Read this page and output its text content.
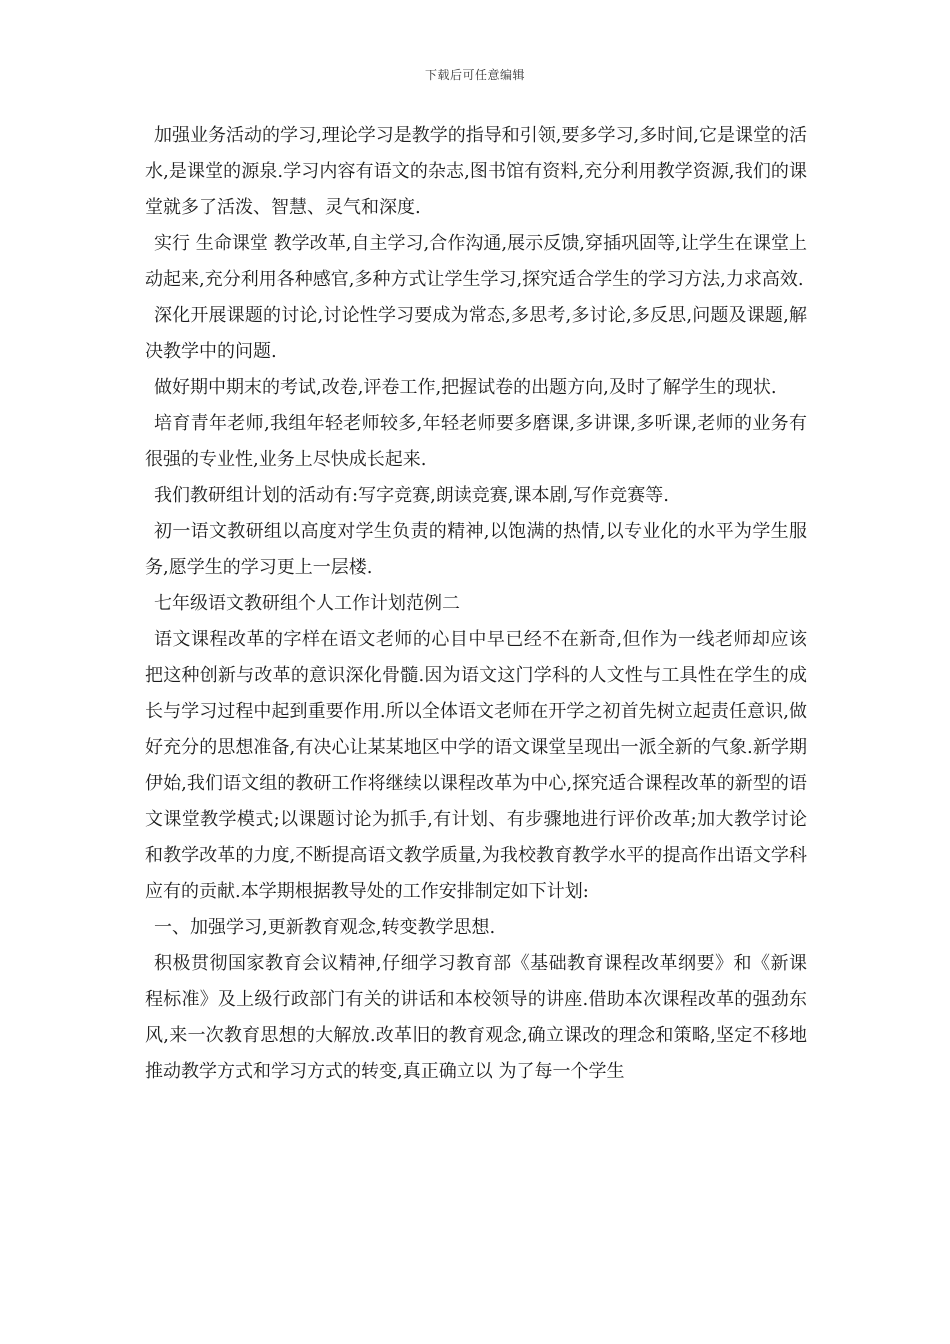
下载后可任意编辑

加强业务活动的学习,理论学习是教学的指导和引领,要多学习,多时间,它是课堂的活水,是课堂的源泉.学习内容有语文的杂志,图书馆有资料,充分利用教学资源,我们的课堂就多了活泼、智慧、灵气和深度.

实行 生命课堂 教学改革,自主学习,合作沟通,展示反馈,穿插巩固等,让学生在课堂上动起来,充分利用各种感官,多种方式让学生学习,探究适合学生的学习方法,力求高效.

深化开展课题的讨论,讨论性学习要成为常态,多思考,多讨论,多反思,问题及课题,解决教学中的问题.

做好期中期末的考试,改卷,评卷工作,把握试卷的出题方向,及时了解学生的现状.

培育青年老师,我组年轻老师较多,年轻老师要多磨课,多讲课,多听课,老师的业务有很强的专业性,业务上尽快成长起来.

我们教研组计划的活动有:写字竞赛,朗读竞赛,课本剧,写作竞赛等.

初一语文教研组以高度对学生负责的精神,以饱满的热情,以专业化的水平为学生服务,愿学生的学习更上一层楼.

七年级语文教研组个人工作计划范例二

语文课程改革的字样在语文老师的心目中早已经不在新奇,但作为一线老师却应该把这种创新与改革的意识深化骨髓.因为语文这门学科的人文性与工具性在学生的成长与学习过程中起到重要作用.所以全体语文老师在开学之初首先树立起责任意识,做好充分的思想准备,有决心让某某地区中学的语文课堂呈现出一派全新的气象.新学期伊始,我们语文组的教研工作将继续以课程改革为中心,探究适合课程改革的新型的语文课堂教学模式;以课题讨论为抓手,有计划、有步骤地进行评价改革;加大教学讨论和教学改革的力度,不断提高语文教学质量,为我校教育教学水平的提高作出语文学科应有的贡献.本学期根据教导处的工作安排制定如下计划:

一、加强学习,更新教育观念,转变教学思想.

积极贯彻国家教育会议精神,仔细学习教育部《基础教育课程改革纲要》和《新课程标准》及上级行政部门有关的讲话和本校领导的讲座.借助本次课程改革的强劲东风,来一次教育思想的大解放.改革旧的教育观念,确立课改的理念和策略,坚定不移地推动教学方式和学习方式的转变,真正确立以 为了每一个学生
